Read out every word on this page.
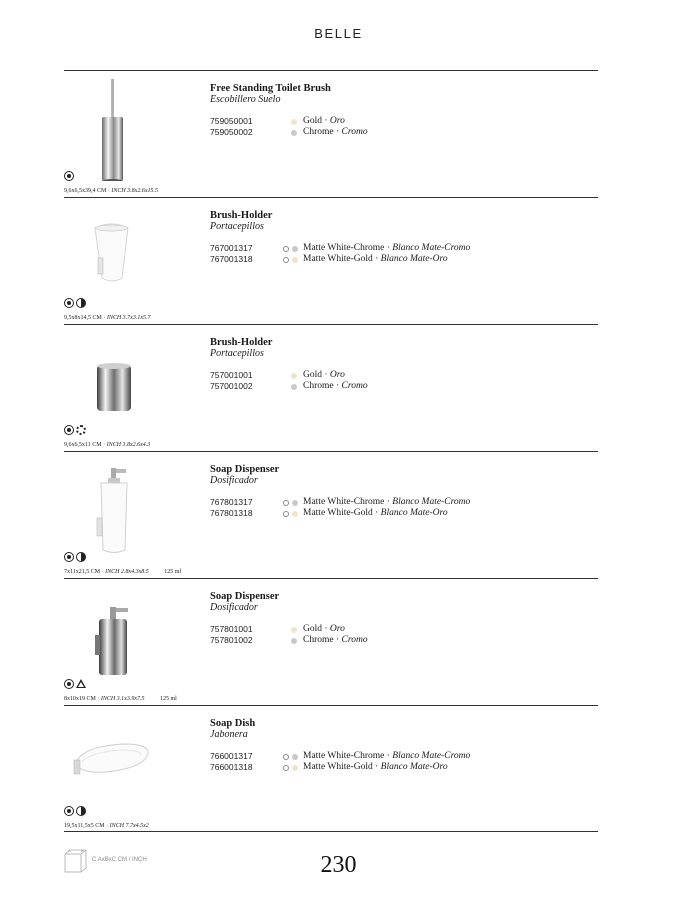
BELLE
9,6x6,5x39,4 CM · INCH 3.8x2.6x15.5
Free Standing Toilet Brush
Escobillero Suelo
759050001	Gold · Oro
759050002	Chrome · Cromo
9,5x8x14,5 CM · INCH 3.7x3.1x5.7
Brush-Holder
Portacepillos
767001317	Matte White-Chrome · Blanco Mate-Cromo
767001318	Matte White-Gold · Blanco Mate-Oro
9,6x6,5x11 CM · INCH 3.8x2.6x4.3
Brush-Holder
Portacepillos
757001001	Gold · Oro
757001002	Chrome · Cromo
7x11x21,5 CM · INCH 2.8x4.3x8.5	125 ml
Soap Dispenser
Dosificador
767801317	Matte White-Chrome · Blanco Mate-Cromo
767801318	Matte White-Gold · Blanco Mate-Oro
8x10x19 CM · INCH 3.1x3.9x7.5	125 ml
Soap Dispenser
Dosificador
757801001	Gold · Oro
757801002	Chrome · Cromo
19,5x11,5x5 CM · INCH 7.7x4.5x2
Soap Dish
Jabonera
766001317	Matte White-Chrome · Blanco Mate-Cromo
766001318	Matte White-Gold · Blanco Mate-Oro
A	B
C AxBxC CM / INCH	230
